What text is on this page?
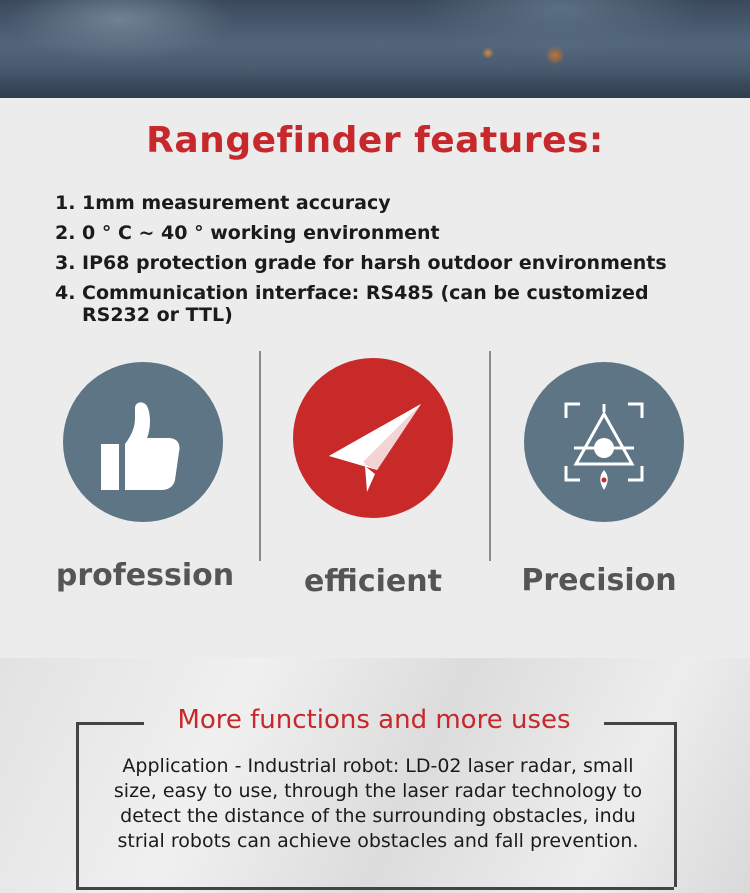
Rangefinder features:
1. 1mm measurement accuracy
2. 0 ° C ~ 40 ° working environment
3. IP68 protection grade for harsh outdoor environments
4. Communication interface: RS485 (can be customized RS232 or TTL)
profession	efficient	Precision
More functions and more uses
Application - Industrial robot: LD-02 laser radar, small
size, easy to use, through the laser radar technology to
detect the distance of the surrounding obstacles, indu
strial robots can achieve obstacles and fall prevention.
